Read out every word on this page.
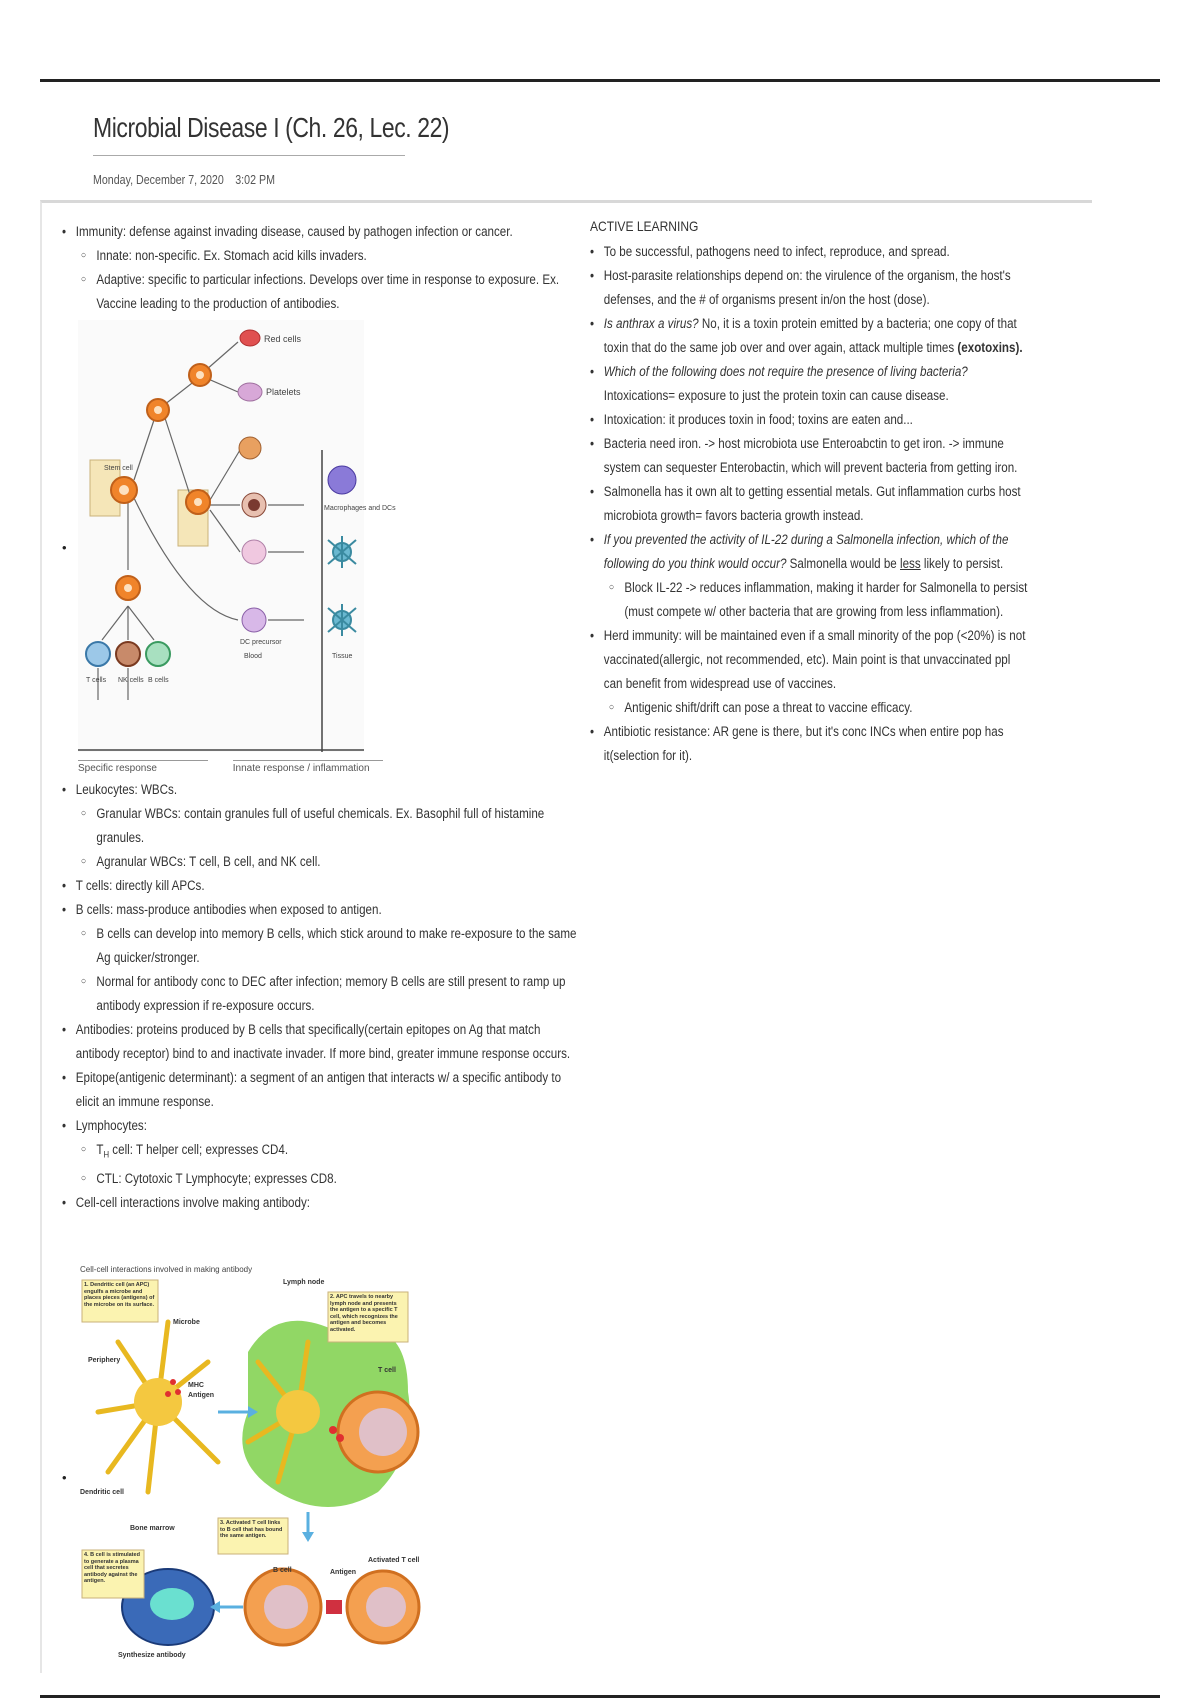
Microbial Disease I (Ch. 26, Lec. 22)
Monday, December 7, 2020 3:02 PM
• Immunity: defense against invading disease, caused by pathogen infection or cancer.
○ Innate: non-specific. Ex. Stomach acid kills invaders.
○ Adaptive: specific to particular infections. Develops over time in response to exposure. Ex. Vaccine leading to the production of antibodies.
•
Red cells
Platelets
Stem cell
T cells NK cells B cells
DC precursor
Blood	Tissue
Macrophages and DCs
Specific response	Innate response / inflammation
• Leukocytes: WBCs.
○ Granular WBCs: contain granules full of useful chemicals. Ex. Basophil full of histamine granules.
○ Agranular WBCs: T cell, B cell, and NK cell.
• T cells: directly kill APCs.
• B cells: mass-produce antibodies when exposed to antigen.
○ B cells can develop into memory B cells, which stick around to make re-exposure to the same Ag quicker/stronger.
○ Normal for antibody conc to DEC after infection; memory B cells are still present to ramp up antibody expression if re-exposure occurs.
• Antibodies: proteins produced by B cells that specifically(certain epitopes on Ag that match antibody receptor) bind to and inactivate invader. If more bind, greater immune response occurs.
• Epitope(antigenic determinant): a segment of an antigen that interacts w/ a specific antibody to elicit an immune response.
• Lymphocytes:
○ $T_H$ cell: T helper cell; expresses CD4.
○ CTL: Cytotoxic T Lymphocyte; expresses CD8.
• Cell-cell interactions involve making antibody:
•
Cell-cell interactions involved in making antibody
1. Dendritic cell (an APC) engulfs a microbe and places pieces (antigens) of the microbe on its surface.
2. APC travels to nearby lymph node and presents the antigen to a specific T cell, which recognizes the antigen and becomes activated.
3. Activated T cell links to B cell that has bound the same antigen.
4. B cell is stimulated to generate a plasma cell that secretes antibody against the antigen.
Lymph node
Periphery
Dendritic cell
Microbe
MHC
Antigen
T cell
Bone marrow
B cell	Antigen
Activated T cell
Synthesize antibody
ACTIVE LEARNING
• To be successful, pathogens need to infect, reproduce, and spread.
• Host-parasite relationships depend on: the virulence of the organism, the host's defenses, and the # of organisms present in/on the host (dose).
• Is anthrax a virus? No, it is a toxin protein emitted by a bacteria; one copy of that toxin that do the same job over and over again, attack multiple times (exotoxins).
• Which of the following does not require the presence of living bacteria? Intoxications= exposure to just the protein toxin can cause disease.
• Intoxication: it produces toxin in food; toxins are eaten and...
• Bacteria need iron. -> host microbiota use Enteroabctin to get iron. -> immune system can sequester Enterobactin, which will prevent bacteria from getting iron.
• Salmonella has it own alt to getting essential metals. Gut inflammation curbs host microbiota growth= favors bacteria growth instead.
• If you prevented the activity of IL-22 during a Salmonella infection, which of the following do you think would occur? Salmonella would be less likely to persist.
○ Block IL-22 -> reduces inflammation, making it harder for Salmonella to persist (must compete w/ other bacteria that are growing from less inflammation).
• Herd immunity: will be maintained even if a small minority of the pop (<20%) is not vaccinated(allergic, not recommended, etc). Main point is that unvaccinated ppl can benefit from widespread use of vaccines.
○ Antigenic shift/drift can pose a threat to vaccine efficacy.
• Antibiotic resistance: AR gene is there, but it's conc INCs when entire pop has it(selection for it).
